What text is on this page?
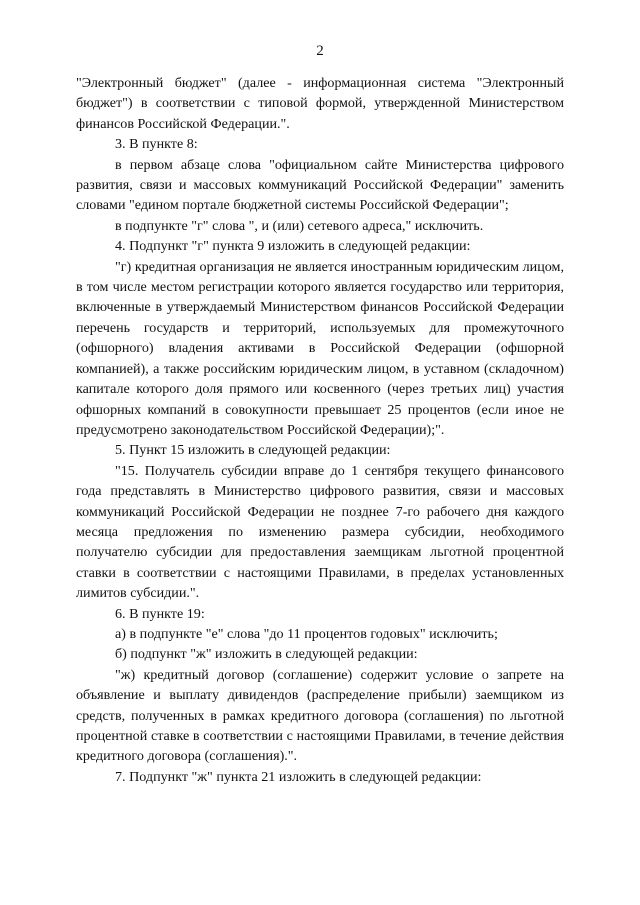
2

"Электронный бюджет" (далее - информационная система "Электронный бюджет") в соответствии с типовой формой, утвержденной Министерством финансов Российской Федерации.".

3. В пункте 8:

в первом абзаце слова "официальном сайте Министерства цифрового развития, связи и массовых коммуникаций Российской Федерации" заменить словами "едином портале бюджетной системы Российской Федерации";

в подпункте "г" слова ", и (или) сетевого адреса," исключить.

4. Подпункт "г" пункта 9 изложить в следующей редакции:

"г) кредитная организация не является иностранным юридическим лицом, в том числе местом регистрации которого является государство или территория, включенные в утверждаемый Министерством финансов Российской Федерации перечень государств и территорий, используемых для промежуточного (офшорного) владения активами в Российской Федерации (офшорной компанией), а также российским юридическим лицом, в уставном (складочном) капитале которого доля прямого или косвенного (через третьих лиц) участия офшорных компаний в совокупности превышает 25 процентов (если иное не предусмотрено законодательством Российской Федерации);".

5. Пункт 15 изложить в следующей редакции:

"15. Получатель субсидии вправе до 1 сентября текущего финансового года представлять в Министерство цифрового развития, связи и массовых коммуникаций Российской Федерации не позднее 7-го рабочего дня каждого месяца предложения по изменению размера субсидии, необходимого получателю субсидии для предоставления заемщикам льготной процентной ставки в соответствии с настоящими Правилами, в пределах установленных лимитов субсидии.".

6. В пункте 19:

а) в подпункте "е" слова "до 11 процентов годовых" исключить;

б) подпункт "ж" изложить в следующей редакции:

"ж) кредитный договор (соглашение) содержит условие о запрете на объявление и выплату дивидендов (распределение прибыли) заемщиком из средств, полученных в рамках кредитного договора (соглашения) по льготной процентной ставке в соответствии с настоящими Правилами, в течение действия кредитного договора (соглашения).".

7. Подпункт "ж" пункта 21 изложить в следующей редакции:
